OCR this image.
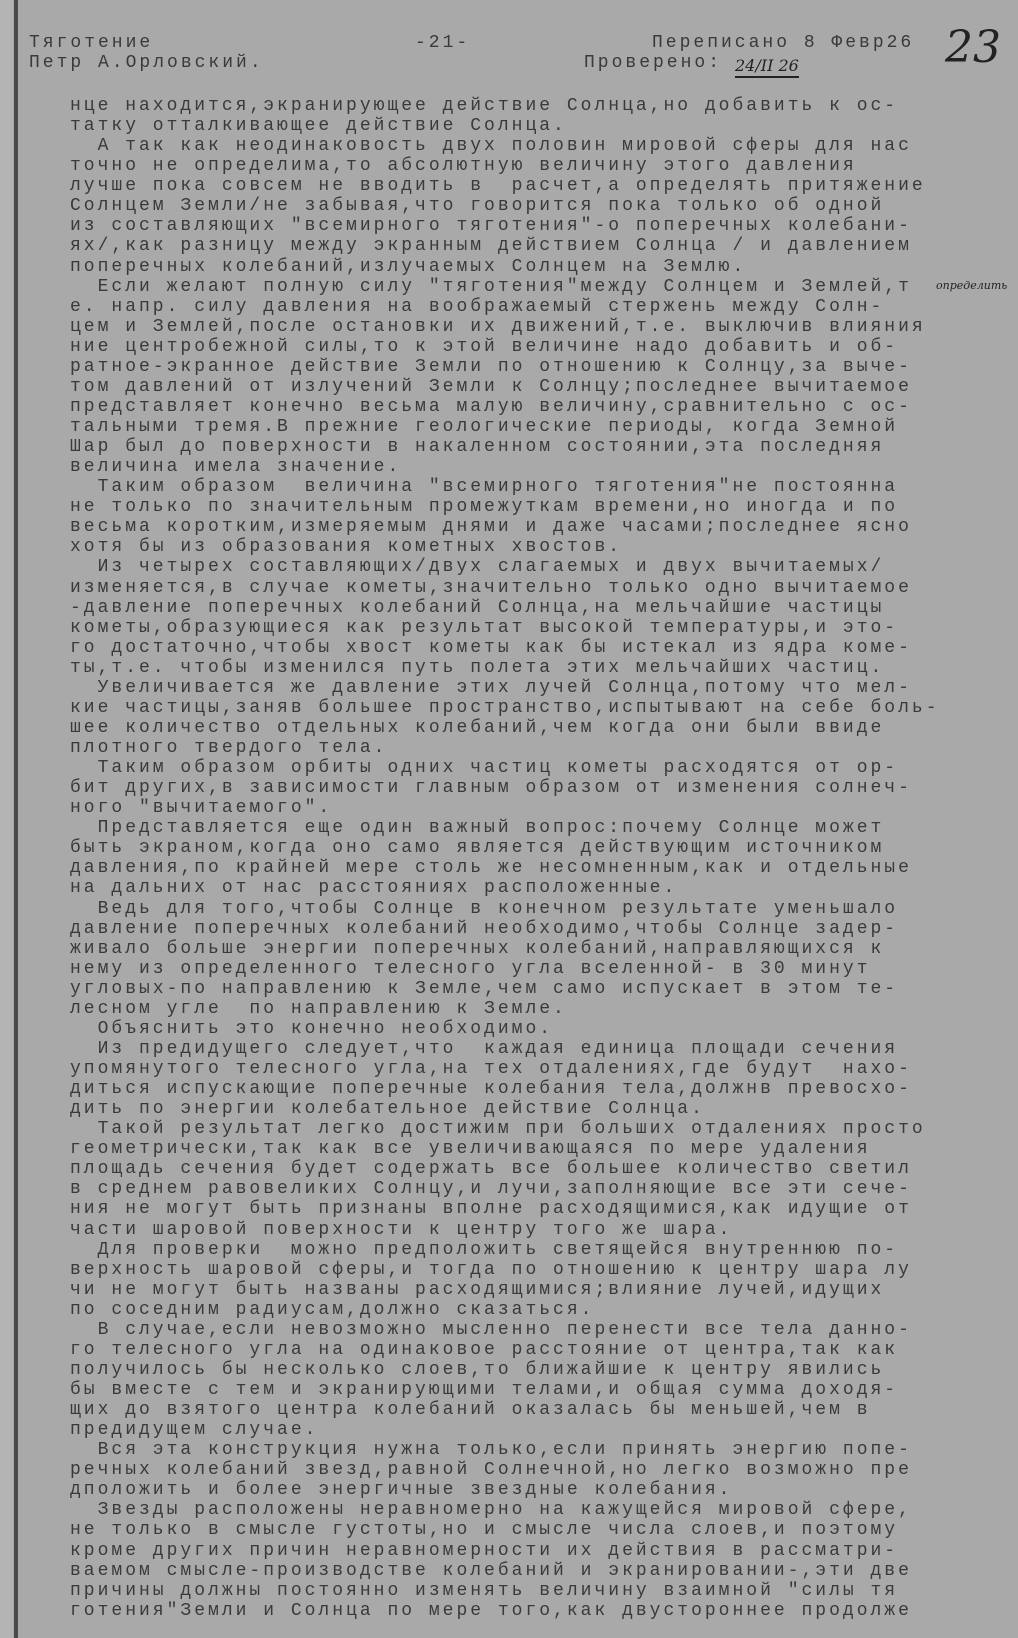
Тяготение
Петр А.Орловский.
-21-	Переписано 8 Февр26
Проверено: 24/II 26	23
определить
нце находится,экранирующее действие Солнца,но добавить к ос-
татку отталкивающее действие Солнца.
А так как неодинаковость двух половин мировой сферы для нас
точно не определима,то абсолютную величину этого давления
лучше пока совсем не вводить в  расчет,а определять притяжение
Солнцем Земли/не забывая,что говорится пока только об одной
из составляющих "всемирного тяготения"-о поперечных колебани-
ях/,как разницу между экранным действием Солнца / и давлением
поперечных колебаний,излучаемых Солнцем на Землю.
Если желают полную силу "тяготения"между Солнцем и Землей,т
е. напр. силу давления на воображаемый стержень между Солн-
цем и Землей,после остановки их движений,т.е. выключив влияния
ние центробежной силы,то к этой величине надо добавить и об-
ратное-экранное действие Земли по отношению к Солнцу,за выче-
том давлений от излучений Земли к Солнцу;последнее вычитаемое
представляет конечно весьма малую величину,сравнительно с ос-
тальными тремя.В прежние геологические периоды, когда Земной
Шар был до поверхности в накаленном состоянии,эта последняя
величина имела значение.
Таким образом  величина "всемирного тяготения"не постоянна
не только по значительным промежуткам времени,но иногда и по
весьма коротким,измеряемым днями и даже часами;последнее ясно
хотя бы из образования кометных хвостов.
Из четырех составляющих/двух слагаемых и двух вычитаемых/
изменяется,в случае кометы,значительно только одно вычитаемое
-давление поперечных колебаний Солнца,на мельчайшие частицы
кометы,образующиеся как результат высокой температуры,и это-
го достаточно,чтобы хвост кометы как бы истекал из ядра коме-
ты,т.е. чтобы изменился путь полета этих мельчайших частиц.
Увеличивается же давление этих лучей Солнца,потому что мел-
кие частицы,заняв большее пространство,испытывают на себе боль-
шее количество отдельных колебаний,чем когда они были ввиде
плотного твердого тела.
Таким образом орбиты одних частиц кометы расходятся от ор-
бит других,в зависимости главным образом от изменения солнеч-
ного "вычитаемого".
Представляется еще один важный вопрос:почему Солнце может
быть экраном,когда оно само является действующим источником
давления,по крайней мере столь же несомненным,как и отдельные
на дальних от нас расстояниях расположенные.
Ведь для того,чтобы Солнце в конечном результате уменьшало
давление поперечных колебаний необходимо,чтобы Солнце задер-
живало больше энергии поперечных колебаний,направляющихся к
нему из определенного телесного угла вселенной- в 30 минут
угловых-по направлению к Земле,чем само испускает в этом те-
лесном угле  по направлению к Земле.
Объяснить это конечно необходимо.
Из предидущего следует,что  каждая единица площади сечения
упомянутого телесного угла,на тех отдалениях,где будут  нахо-
диться испускающие поперечные колебания тела,должнв превосхо-
дить по энергии колебательное действие Солнца.
Такой результат легко достижим при больших отдалениях просто
геометрически,так как все увеличивающаяся по мере удаления
площадь сечения будет содержать все большее количество светил
в среднем равовеликих Солнцу,и лучи,заполняющие все эти сече-
ния не могут быть признаны вполне расходящимися,как идущие от
части шаровой поверхности к центру того же шара.
Для проверки  можно предположить светящейся внутреннюю по-
верхность шаровой сферы,и тогда по отношению к центру шара лу
чи не могут быть названы расходящимися;влияние лучей,идущих
по соседним радиусам,должно сказаться.
В случае,если невозможно мысленно перенести все тела данно-
го телесного угла на одинаковое расстояние от центра,так как
получилось бы несколько слоев,то ближайшие к центру явились
бы вместе с тем и экранирующими телами,и общая сумма доходя-
щих до взятого центра колебаний оказалась бы меньшей,чем в
предидущем случае.
Вся эта конструкция нужна только,если принять энергию попе-
речных колебаний звезд,равной Солнечной,но легко возможно пре
дположить и более энергичные звездные колебания.
Звезды расположены неравномерно на кажущейся мировой сфере,
не только в смысле густоты,но и смысле числа слоев,и поэтому
кроме других причин неравномерности их действия в рассматри-
ваемом смысле-производстве колебаний и экранировании-,эти две
причины должны постоянно изменять величину взаимной "силы тя
готения"Земли и Солнца по мере того,как двустороннее продолже
